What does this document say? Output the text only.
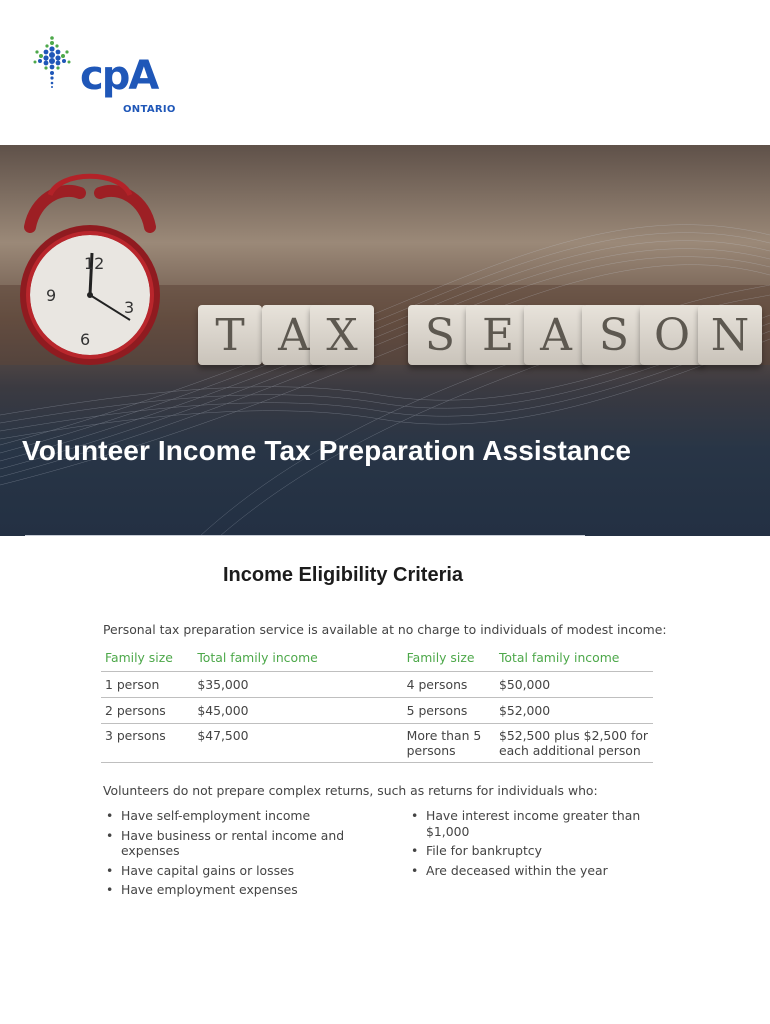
cpA
ONTARIO
12
9
3
6	T A X	S E A S O N
Volunteer Income Tax Preparation Assistance
Income Eligibility Criteria
Personal tax preparation service is available at no charge to individuals of modest income:
Family size	Total family income	Family size	Total family income
1 person	$35,000	4 persons	$50,000
2 persons	$45,000	5 persons	$52,000
3 persons	$47,500	More than 5 persons	$52,500 plus $2,500 for each additional person
Volunteers do not prepare complex returns, such as returns for individuals who:
• Have self-employment income
• Have business or rental income and expenses
• Have capital gains or losses
• Have employment expenses
• Have interest income greater than $1,000
• File for bankruptcy
• Are deceased within the year
